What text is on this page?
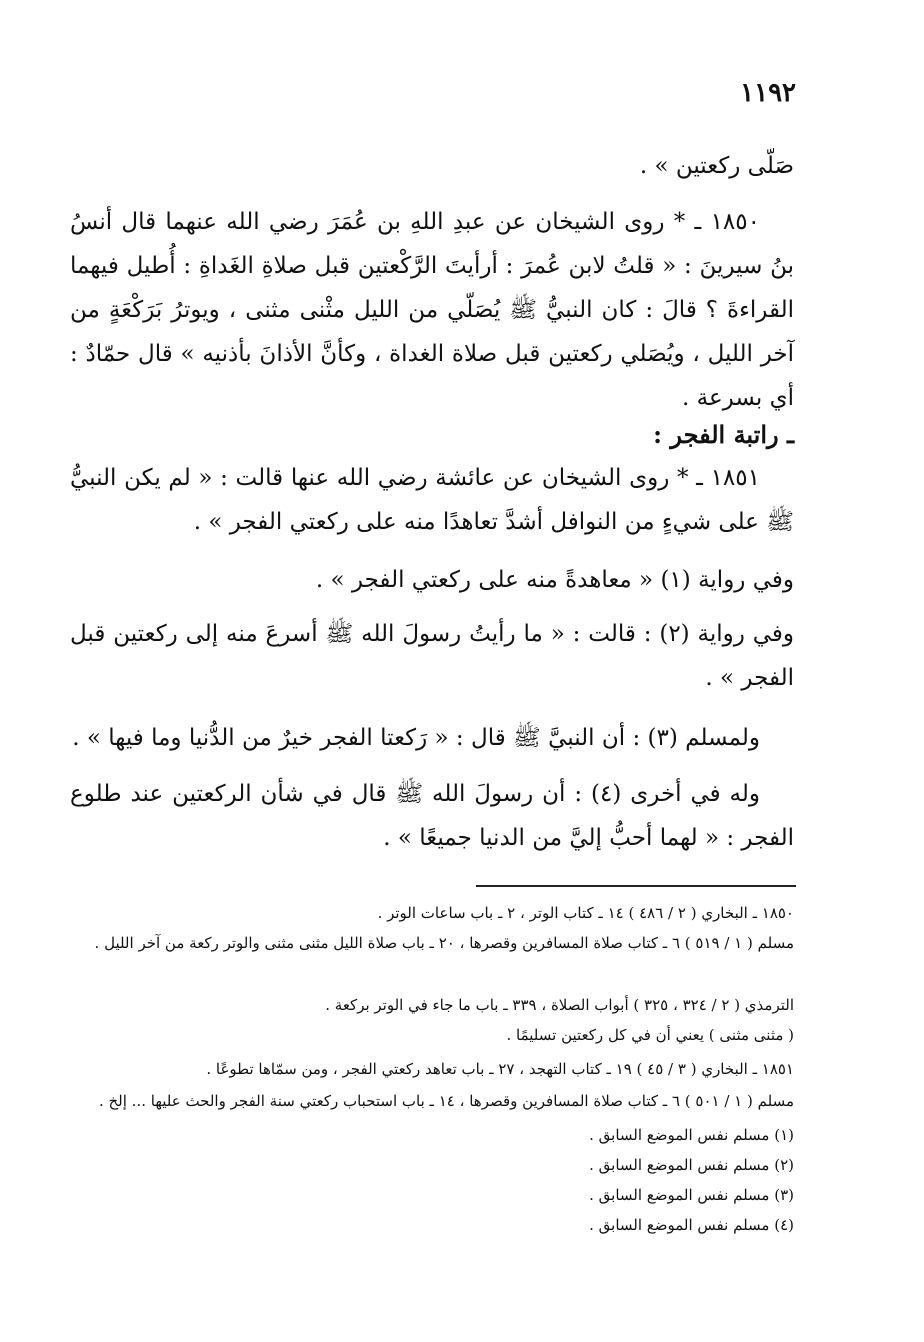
١١٩٢
صَلّى ركعتين » .
١٨٥٠ ـ * روى الشيخان عن عبدِ اللهِ بن عُمَرَ رضي الله عنهما قال أنسُ بنُ سيرينَ : « قلتُ لابن عُمرَ : أرأيتَ الرَّكْعتين قبل صلاةِ الغَداةِ : أُطيل فيهما القراءةَ ؟ قالَ : كان النبيُّ ﷺ يُصَلّي من الليل مثْنى مثنى ، ويوترُ بَرَكْعَةٍ من آخر الليل ، ويُصَلي ركعتين قبل صلاة الغداة ، وكأنَّ الأذانَ بأذنيه » قال حمّادٌ : أي بسرعة .
ـ راتبة الفجر :
١٨٥١ ـ * روى الشيخان عن عائشة رضي الله عنها قالت : « لم يكن النبيُّ ﷺ على شيءٍ من النوافل أشدَّ تعاهدًا منه على ركعتي الفجر » .
وفي رواية (١) « معاهدةً منه على ركعتي الفجر » .
وفي رواية (٢) : قالت : « ما رأيتُ رسولَ الله ﷺ أسرعَ منه إلى ركعتين قبل الفجر » .
ولمسلم (٣) : أن النبيَّ ﷺ قال : « رَكعتا الفجر خيرٌ من الدُّنيا وما فيها » .
وله في أخرى (٤) : أن رسولَ الله ﷺ قال في شأن الركعتين عند طلوع الفجر : « لهما أحبُّ إليَّ من الدنيا جميعًا » .
١٨٥٠ ـ البخاري ( ٢ / ٤٨٦ ) ١٤ ـ كتاب الوتر ، ٢ ـ باب ساعات الوتر .
مسلم ( ١ / ٥١٩ ) ٦ ـ كتاب صلاة المسافرين وقصرها ، ٢٠ ـ باب صلاة الليل مثنى مثنى والوتر ركعة من آخر الليل .
الترمذي ( ٢ / ٣٢٤ ، ٣٢٥ ) أبواب الصلاة ، ٣٣٩ ـ باب ما جاء في الوتر بركعة .
( مثنى مثنى ) يعني أن في كل ركعتين تسليمًا .
١٨٥١ ـ البخاري ( ٣ / ٤٥ ) ١٩ ـ كتاب التهجد ، ٢٧ ـ باب تعاهد ركعتي الفجر ، ومن سمّاها تطوعًا .
مسلم ( ١ / ٥٠١ ) ٦ ـ كتاب صلاة المسافرين وقصرها ، ١٤ ـ باب استحباب ركعتي سنة الفجر والحث عليها ... إلخ .
(١) مسلم نفس الموضع السابق .
(٢) مسلم نفس الموضع السابق .
(٣) مسلم نفس الموضع السابق .
(٤) مسلم نفس الموضع السابق .
